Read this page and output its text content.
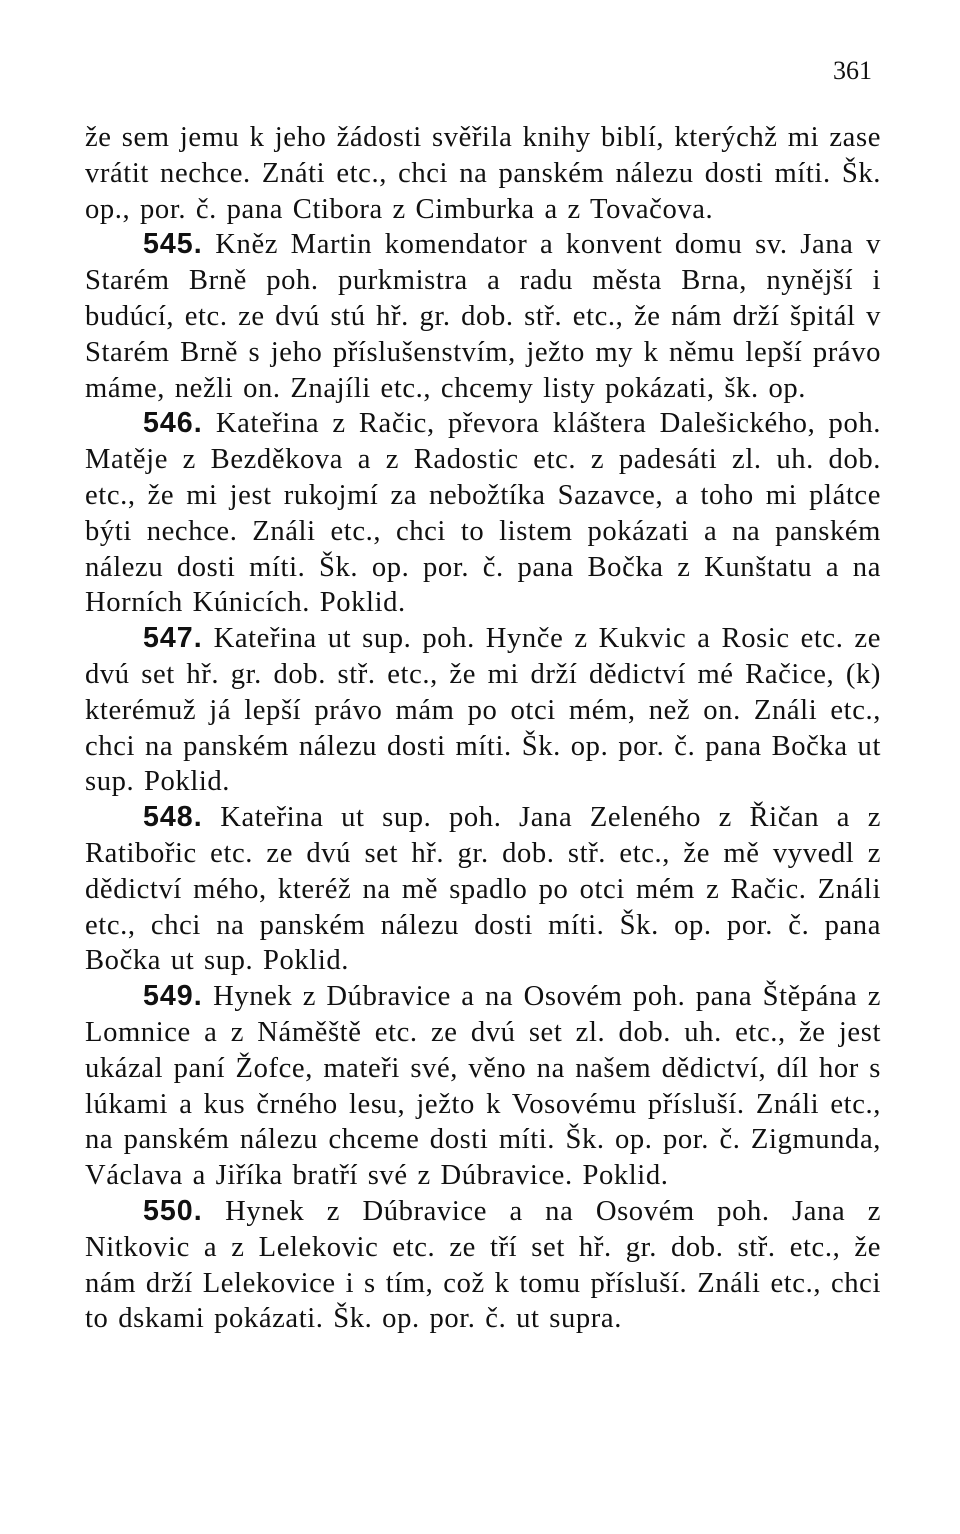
361

že sem jemu k jeho žádosti svěřila knihy biblí, kterýchž mi zase vrátit nechce. Znáti etc., chci na panském nálezu dosti míti. Šk. op., por. č. pana Ctibora z Cimburka a z Tovačova.

545. Kněz Martin komendator a konvent domu sv. Jana v Starém Brně poh. purkmistra a radu města Brna, nynější i budúcí, etc. ze dvú stú hř. gr. dob. stř. etc., že nám drží špitál v Starém Brně s jeho příslušenstvím, ježto my k němu lepší právo máme, nežli on. Znajíli etc., chcemy listy pokázati, šk. op.

546. Kateřina z Račic, převora kláštera Dalešického, poh. Matěje z Bezděkova a z Radostic etc. z padesáti zl. uh. dob. etc., že mi jest rukojmí za nebožtíka Sazavce, a toho mi plátce býti nechce. Ználi etc., chci to listem pokázati a na panském nálezu dosti míti. Šk. op. por. č. pana Bočka z Kunštatu a na Horních Kúnicích. Poklid.

547. Kateřina ut sup. poh. Hynče z Kukvic a Rosic etc. ze dvú set hř. gr. dob. stř. etc., že mi drží dědictví mé Račice, (k) kterémuž já lepší právo mám po otci mém, než on. Ználi etc., chci na panském nálezu dosti míti. Šk. op. por. č. pana Bočka ut sup. Poklid.

548. Kateřina ut sup. poh. Jana Zeleného z Řičan a z Ratibořic etc. ze dvú set hř. gr. dob. stř. etc., že mě vyvedl z dědictví mého, kteréž na mě spadlo po otci mém z Račic. Ználi etc., chci na panském nálezu dosti míti. Šk. op. por. č. pana Bočka ut sup. Poklid.

549. Hynek z Dúbravice a na Osovém poh. pana Štěpána z Lomnice a z Náměště etc. ze dvú set zl. dob. uh. etc., že jest ukázal paní Žofce, mateři své, věno na našem dědictví, díl hor s lúkami a kus črného lesu, ježto k Vosovému přísluší. Ználi etc., na panském nálezu chceme dosti míti. Šk. op. por. č. Zigmunda, Václava a Jiříka bratří své z Dúbravice. Poklid.

550. Hynek z Dúbravice a na Osovém poh. Jana z Nitkovic a z Lelekovic etc. ze tří set hř. gr. dob. stř. etc., že nám drží Lelekovice i s tím, což k tomu přísluší. Ználi etc., chci to dskami pokázati. Šk. op. por. č. ut supra.
